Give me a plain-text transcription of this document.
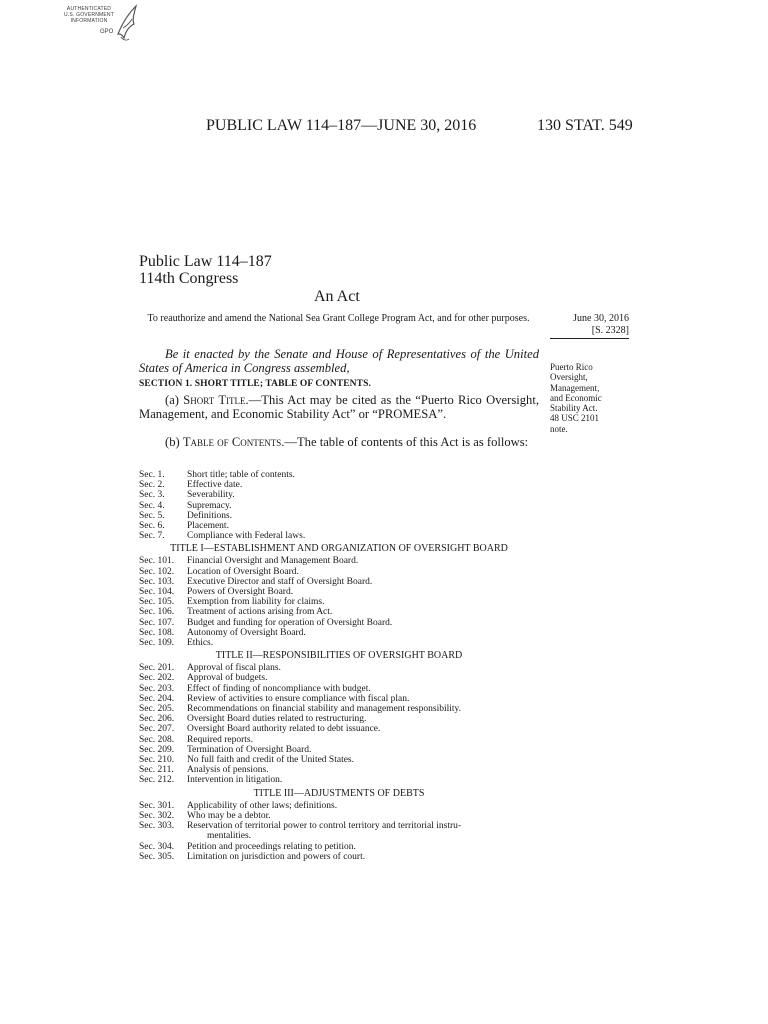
AUTHENTICATED
U.S. GOVERNMENT
INFORMATION
GPO
PUBLIC LAW 114–187—JUNE 30, 2016	130 STAT. 549
Public Law 114–187
114th Congress
An Act
To reauthorize and amend the National Sea Grant College Program Act, and for other purposes.	June 30, 2016
[S. 2328]
Puerto Rico
Oversight,
Management,
and Economic
Stability Act.
48 USC 2101
note.
Be it enacted by the Senate and House of Representatives of the United States of America in Congress assembled,
SECTION 1. SHORT TITLE; TABLE OF CONTENTS.
(a) Short Title.—This Act may be cited as the “Puerto Rico Oversight, Management, and Economic Stability Act” or “PROMESA”.
(b) Table of Contents.—The table of contents of this Act is as follows:
Sec. 1.	Short title; table of contents.
Sec. 2.	Effective date.
Sec. 3.	Severability.
Sec. 4.	Supremacy.
Sec. 5.	Definitions.
Sec. 6.	Placement.
Sec. 7.	Compliance with Federal laws.
TITLE I—ESTABLISHMENT AND ORGANIZATION OF OVERSIGHT BOARD
Sec. 101.	Financial Oversight and Management Board.
Sec. 102.	Location of Oversight Board.
Sec. 103.	Executive Director and staff of Oversight Board.
Sec. 104.	Powers of Oversight Board.
Sec. 105.	Exemption from liability for claims.
Sec. 106.	Treatment of actions arising from Act.
Sec. 107.	Budget and funding for operation of Oversight Board.
Sec. 108.	Autonomy of Oversight Board.
Sec. 109.	Ethics.
TITLE II—RESPONSIBILITIES OF OVERSIGHT BOARD
Sec. 201.	Approval of fiscal plans.
Sec. 202.	Approval of budgets.
Sec. 203.	Effect of finding of noncompliance with budget.
Sec. 204.	Review of activities to ensure compliance with fiscal plan.
Sec. 205.	Recommendations on financial stability and management responsibility.
Sec. 206.	Oversight Board duties related to restructuring.
Sec. 207.	Oversight Board authority related to debt issuance.
Sec. 208.	Required reports.
Sec. 209.	Termination of Oversight Board.
Sec. 210.	No full faith and credit of the United States.
Sec. 211.	Analysis of pensions.
Sec. 212.	Intervention in litigation.
TITLE III—ADJUSTMENTS OF DEBTS
Sec. 301.	Applicability of other laws; definitions.
Sec. 302.	Who may be a debtor.
Sec. 303.	Reservation of territorial power to control territory and territorial instru-
mentalities.
Sec. 304.	Petition and proceedings relating to petition.
Sec. 305.	Limitation on jurisdiction and powers of court.
